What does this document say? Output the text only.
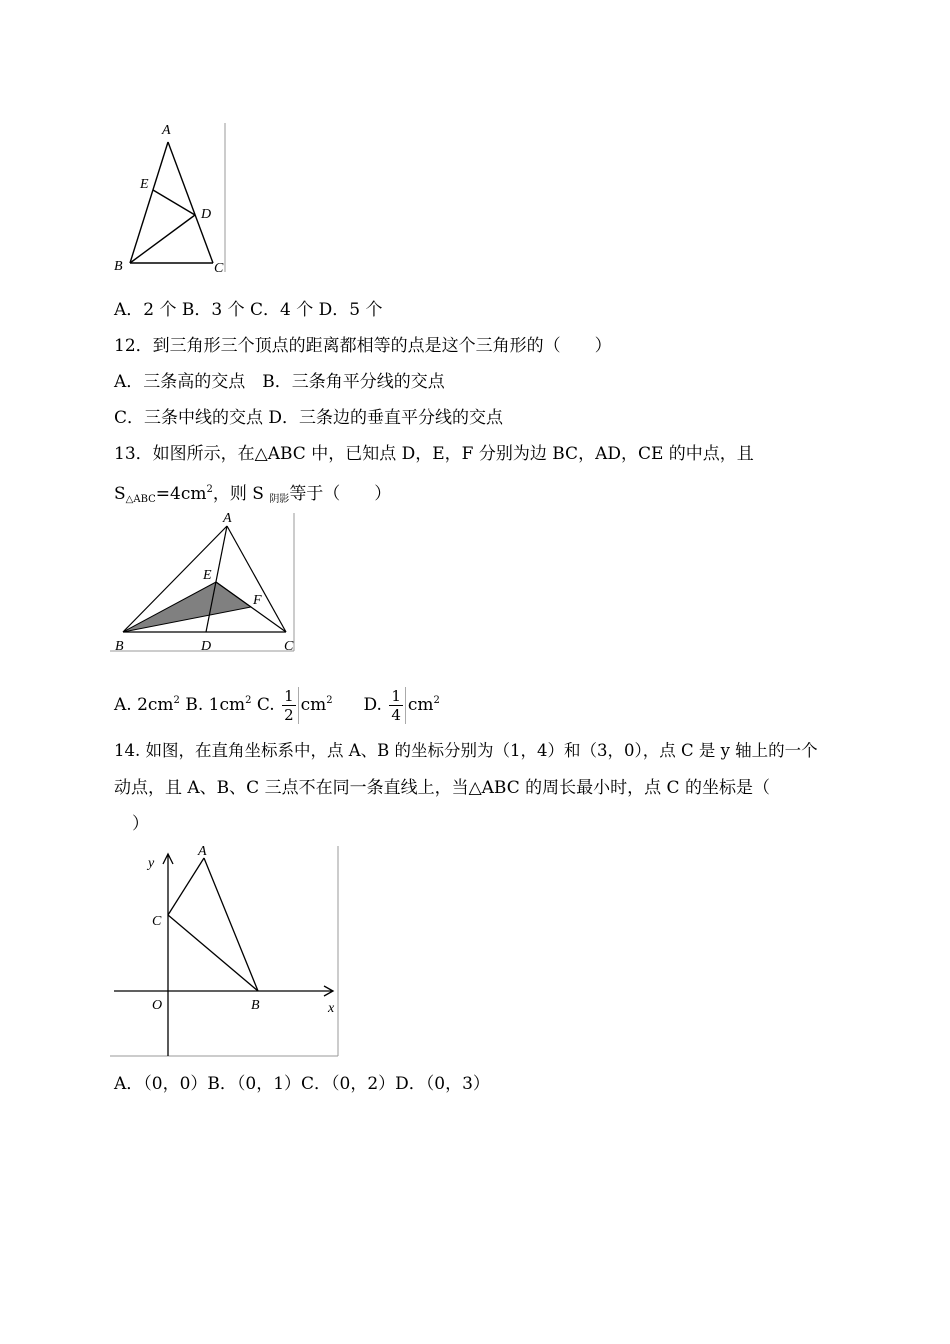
A
E
D
B	C
A．2 个 B．3 个 C．4 个 D．5 个
12．到三角形三个顶点的距离都相等的点是这个三角形的（　　）
A．三条高的交点　B．三条角平分线的交点
C．三条中线的交点 D．三条边的垂直平分线的交点
13．如图所示，在△ABC 中，已知点 D，E，F 分别为边 BC，AD，CE 的中点，且
$S_{\triangle ABC}=4cm^2$，则 S $_{阴影}$等于（　　）
A
E
F
B	D	C
A. $2cm^2$ B. $1cm^2$ C. $\frac{1}{2} cm^2$ D. $\frac{1}{4} cm^2$
14. 如图，在直角坐标系中，点 A、B 的坐标分别为（1，4）和（3，0），点 C 是 y 轴上的一个
动点，且 A、B、C 三点不在同一条直线上，当△ABC 的周长最小时，点 C 的坐标是（
）
y
A
C
O	B	x
A．（0，0）B．（0，1）C．（0，2）D．（0，3）
